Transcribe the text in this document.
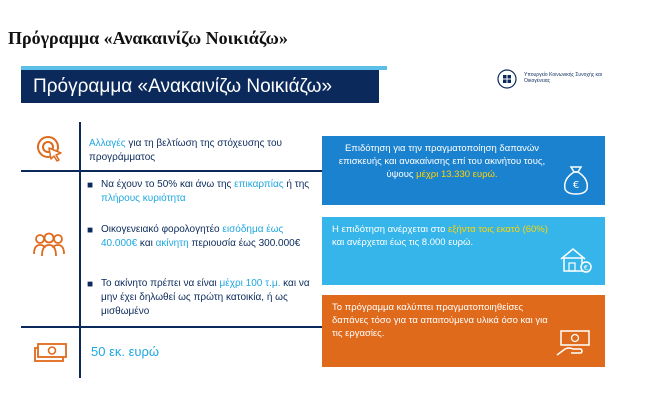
Πρόγραμμα «Ανακαινίζω Νοικιάζω»
Πρόγραμμα «Ανακαινίζω Νοικιάζω»
Υπουργείο Κοινωνικής Συνοχής και Οικογένειας
Αλλαγές για τη βελτίωση της στόχευσης του προγράμματος
■ Να έχουν το 50% και άνω της επικαρπίας ή της πλήρους κυριότητα
■ Οικογενειακό φορολογητέο εισόδημα έως 40.000€ και ακίνητη περιουσία έως 300.000€
■ Το ακίνητο πρέπει να είναι μέχρι 100 τ.μ. και να μην έχει δηλωθεί ως πρώτη κατοικία, ή ως μισθωμένο
50 εκ. ευρώ
Επιδότηση για την πραγματοποίηση δαπανών επισκευής και ανακαίνισης επί του ακινήτου τους, ύψους μέχρι 13.330 ευρώ.
€
Η επιδότηση ανέρχεται στο εξήντα τοις εκατό (60%) και ανέρχεται έως τις 8.000 ευρώ.
€
Το πρόγραμμα καλύπτει πραγματοποιηθείσες δαπάνες τόσο για τα απαιτούμενα υλικά όσο και για τις εργασίες.
